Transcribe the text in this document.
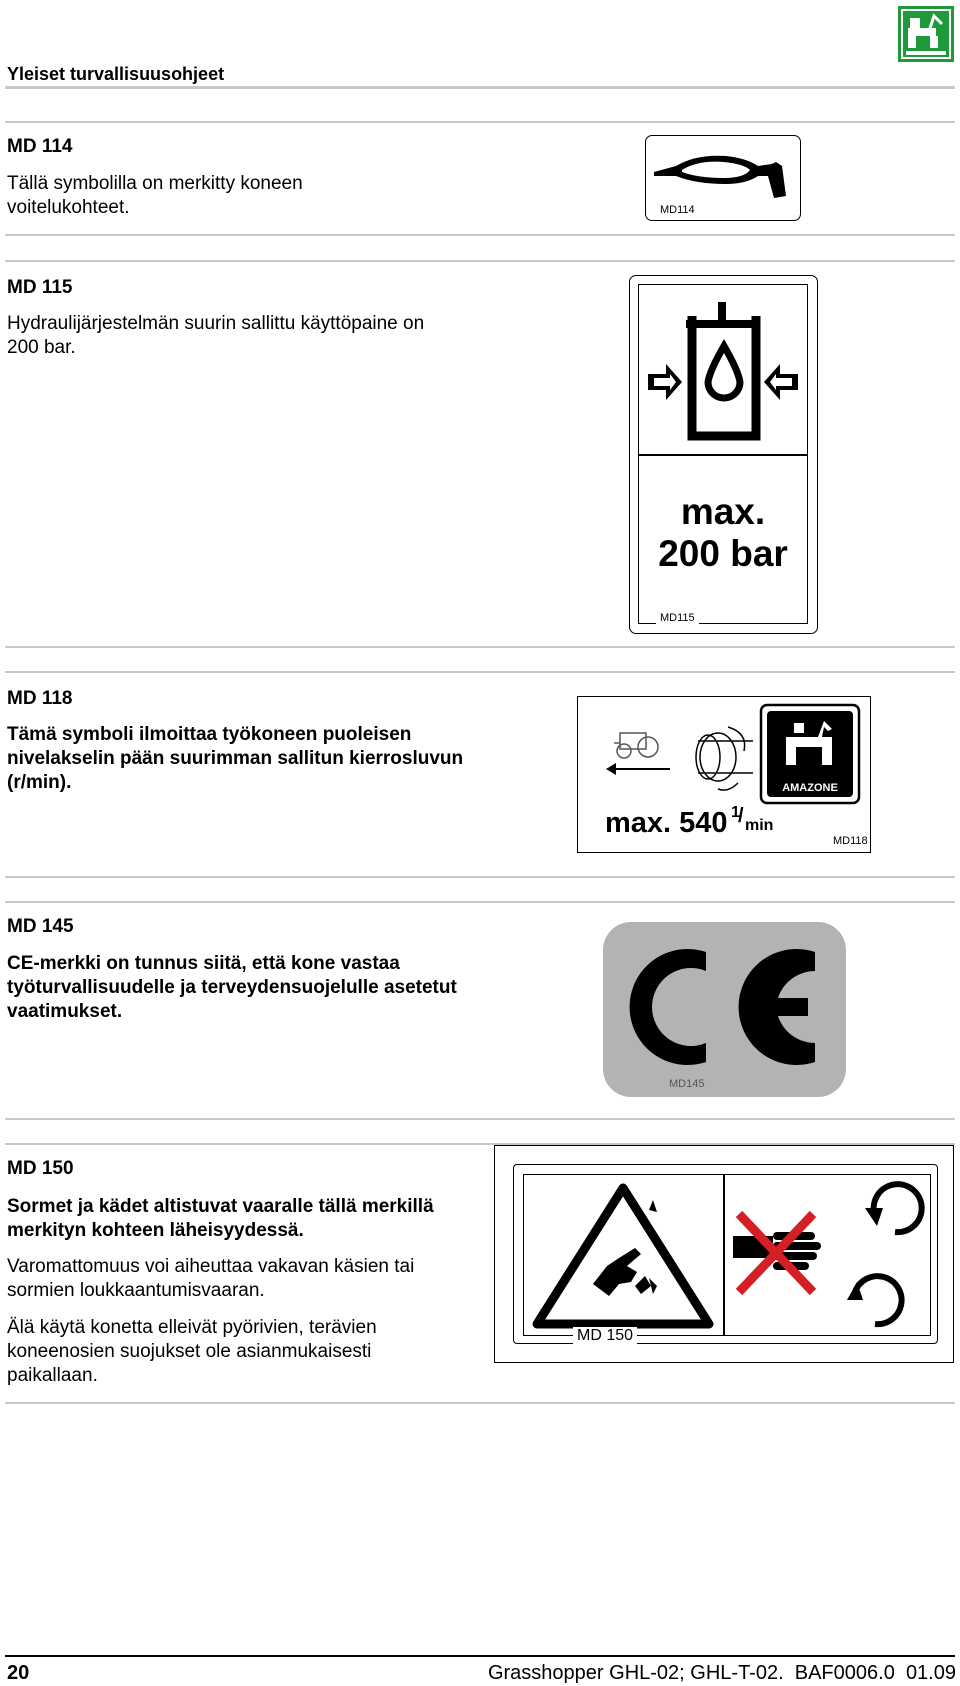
Yleiset turvallisuusohjeet
MD 114
Tällä symbolilla on merkitty koneen voitelukohteet.	MD114
MD 115
Hydraulijärjestelmän suurin sallittu käyttöpaine on 200 bar.
max.
200 bar
MD115
MD 118
Tämä symboli ilmoittaa työkoneen puoleisen nivelakselin pään suurimman sallitun kierrosluvun (r/min).	AMAZONE
max. 540 1
/ min
MD118
MD 145
CE-merkki on tunnus siitä, että kone vastaa työturvallisuudelle ja terveydensuojelulle asetetut vaatimukset.
MD145
MD 150
Sormet ja kädet altistuvat vaaralle tällä merkillä merkityn kohteen läheisyydessä.
Varomattomuus voi aiheuttaa vakavan käsien tai sormien loukkaantumisvaaran.
Älä käytä konetta elleivät pyörivien, terävien koneenosien suojukset ole asianmukaisesti paikallaan.
MD 150
20	Grasshopper GHL-02; GHL-T-02.  BAF0006.0  01.09
